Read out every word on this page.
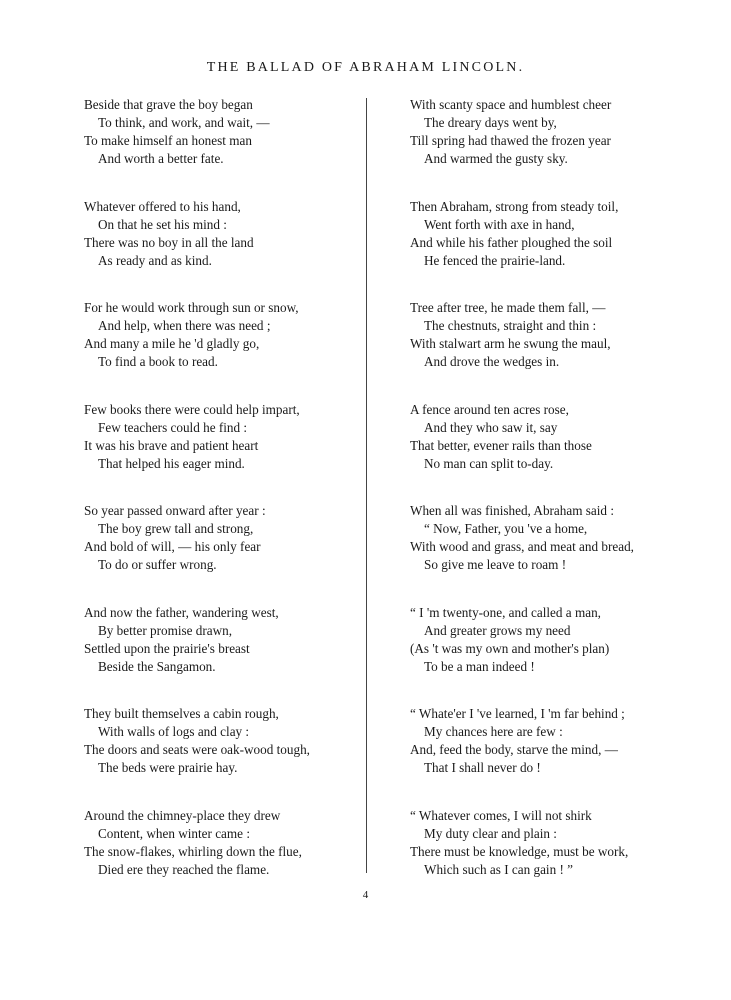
THE BALLAD OF ABRAHAM LINCOLN.
Beside that grave the boy began
To think, and work, and wait, —
To make himself an honest man
And worth a better fate.
Whatever offered to his hand,
On that he set his mind :
There was no boy in all the land
As ready and as kind.
For he would work through sun or snow,
And help, when there was need ;
And many a mile he 'd gladly go,
To find a book to read.
Few books there were could help impart,
Few teachers could he find :
It was his brave and patient heart
That helped his eager mind.
So year passed onward after year :
The boy grew tall and strong,
And bold of will, — his only fear
To do or suffer wrong.
And now the father, wandering west,
By better promise drawn,
Settled upon the prairie's breast
Beside the Sangamon.
They built themselves a cabin rough,
With walls of logs and clay :
The doors and seats were oak-wood tough,
The beds were prairie hay.
Around the chimney-place they drew
Content, when winter came :
The snow-flakes, whirling down the flue,
Died ere they reached the flame.
With scanty space and humblest cheer
The dreary days went by,
Till spring had thawed the frozen year
And warmed the gusty sky.
Then Abraham, strong from steady toil,
Went forth with axe in hand,
And while his father ploughed the soil
He fenced the prairie-land.
Tree after tree, he made them fall, —
The chestnuts, straight and thin :
With stalwart arm he swung the maul,
And drove the wedges in.
A fence around ten acres rose,
And they who saw it, say
That better, evener rails than those
No man can split to-day.
When all was finished, Abraham said :
“ Now, Father, you 've a home,
With wood and grass, and meat and bread,
So give me leave to roam !
“ I 'm twenty-one, and called a man,
And greater grows my need
(As 't was my own and mother's plan)
To be a man indeed !
“ Whate'er I 've learned, I 'm far behind ;
My chances here are few :
And, feed the body, starve the mind, —
That I shall never do !
“ Whatever comes, I will not shirk
My duty clear and plain :
There must be knowledge, must be work,
Which such as I can gain ! ”
4
